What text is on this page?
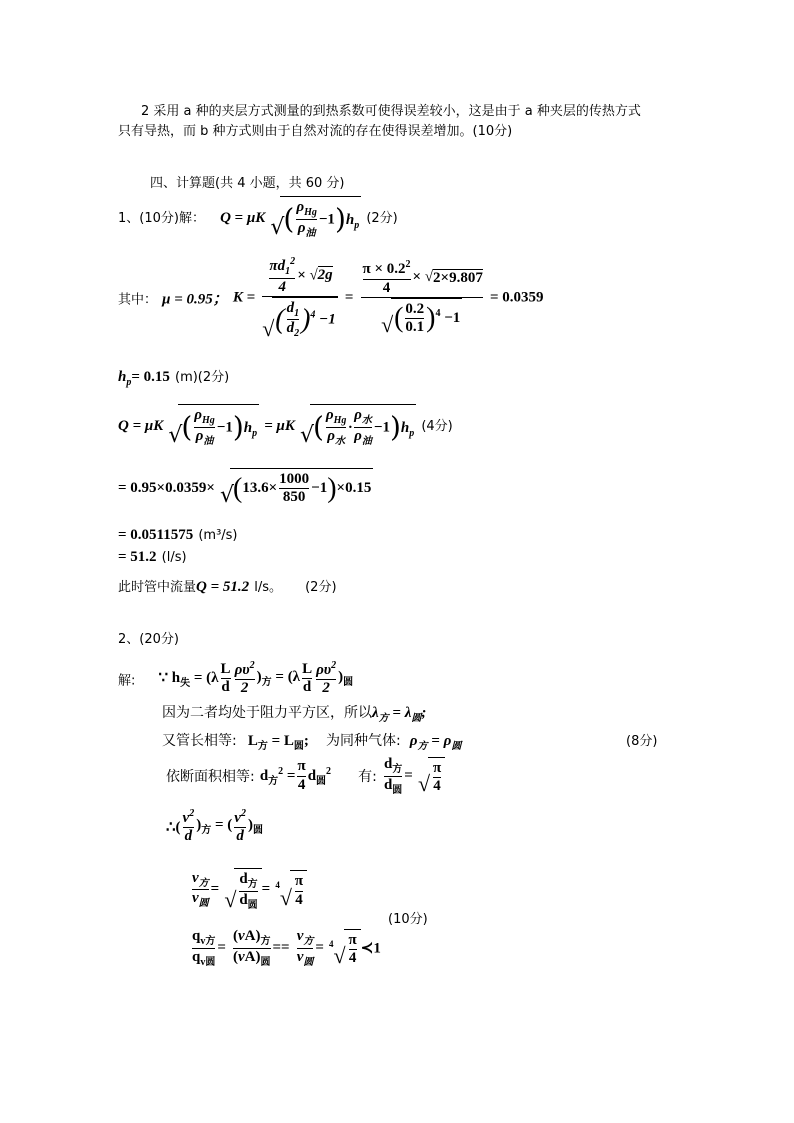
2 采用 a 种的夹层方式测量的到热系数可使得误差较小，这是由于 a 种夹层的传热方式
只有导热，而 b 种方式则由于自然对流的存在使得误差增加。(10分)
四、计算题(共 4 小题，共 60 分)
1、(10分)解： Q = μK √
( $\frac{\rho_{Hg}}{\rho_油} -1)h_p$ (2分)
其中： μ = 0.95； $K = \frac{\frac{\pi d_1^2}{4} \times √2g}{√ ( \frac{d_1}{d_2} )^4 -1} = \frac{\frac{\pi \times 0.2^2}{4} \times √2\times 9.807}{√ ( \frac{0.2}{0.1} )^4 -1} = 0.0359$
$h_p= 0.15$ (m)(2分)
Q = μK √
( $\frac{\rho_{Hg}}{\rho_油} -1)h_p = \mu K$ √
( $\frac{\rho_{Hg}}{\rho_水} \cdot \frac{\rho_水}{\rho_油} -1)h_p$ (4分)
= 0.95×0.0359× √
$(13.6\times \frac{1000}{850} -1)\times 0.15$
= 0.0511575 (m³/s)
= 51.2 (l/s)
此时管中流量Q = 51.2 l/s。 (2分)
2、(20分)
解: ∵ $h_失 = (\lambda \frac{L}{d} \frac{\rho\upsilon^2}{2} )_方 = (\lambda \frac{L}{d} \frac{\rho\upsilon^2}{2} )_圆$
因为二者均处于阻力平方区，所以$\lambda_方 = \lambda_圆$;
又管长相等: $L_方 = L_圆$; 为同种气体: $\rho_方 = \rho_圆$	(8分)
依断面积相等: $d_方^2 = \frac{\pi}{4} d_圆^2$ 有: $\frac{d_方}{d_圆}$ = √ $\frac{\pi}{4}$
∴( $\frac{v^2}{d} )_方$ = ( $\frac{v^2}{d} )_圆$
$\frac{v_方}{v_圆}$ = √ $\frac{d_方}{d_圆} = ^4$ √ $\frac{\pi}{4}$
(10分)
$\frac{q_{v方}}{q_{v圆}} = \frac{(vA)_方}{(vA)_圆} == \frac{v_方}{v_圆} = ^4$ √ $\frac{\pi}{4}$ ≺1
